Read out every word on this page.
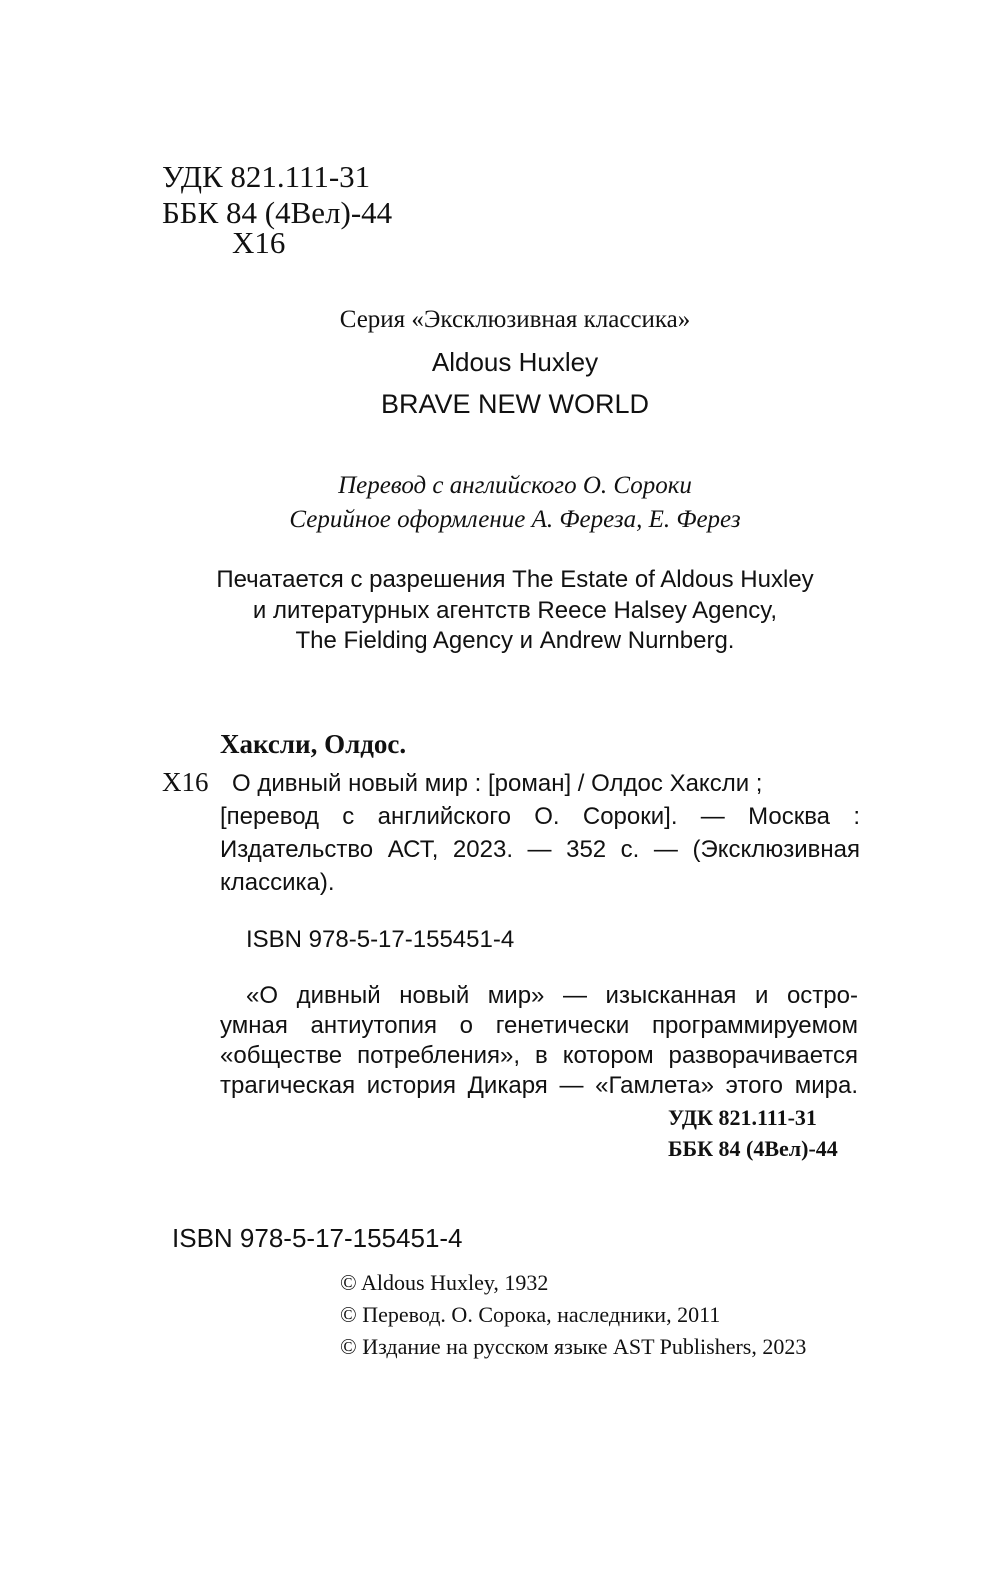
УДК 821.111-31
ББК 84 (4Вел)-44
Х16
Серия «Эксклюзивная классика»
Aldous Huxley
BRAVE NEW WORLD
Перевод с английского О. Сороки
Серийное оформление А. Фереза, Е. Ферез
Печатается с разрешения The Estate of Aldous Huxley
и литературных агентств Reece Halsey Agency,
The Fielding Agency и Andrew Nurnberg.
Хаксли, Олдос.
Х16 О дивный новый мир : [роман] / Олдос Хаксли ;
[перевод с английского О. Сороки]. — Москва :
Издательство АСТ, 2023. — 352 с. — (Эксклюзивная
классика).
ISBN 978-5-17-155451-4
«О дивный новый мир» — изысканная и остро-
умная антиутопия о генетически программируемом
«обществе потребления», в котором разворачивается
трагическая история Дикаря — «Гамлета» этого мира.
УДК 821.111-31
ББК 84 (4Вел)-44
ISBN 978-5-17-155451-4
© Aldous Huxley, 1932
© Перевод. О. Сорока, наследники, 2011
© Издание на русском языке AST Publishers, 2023
